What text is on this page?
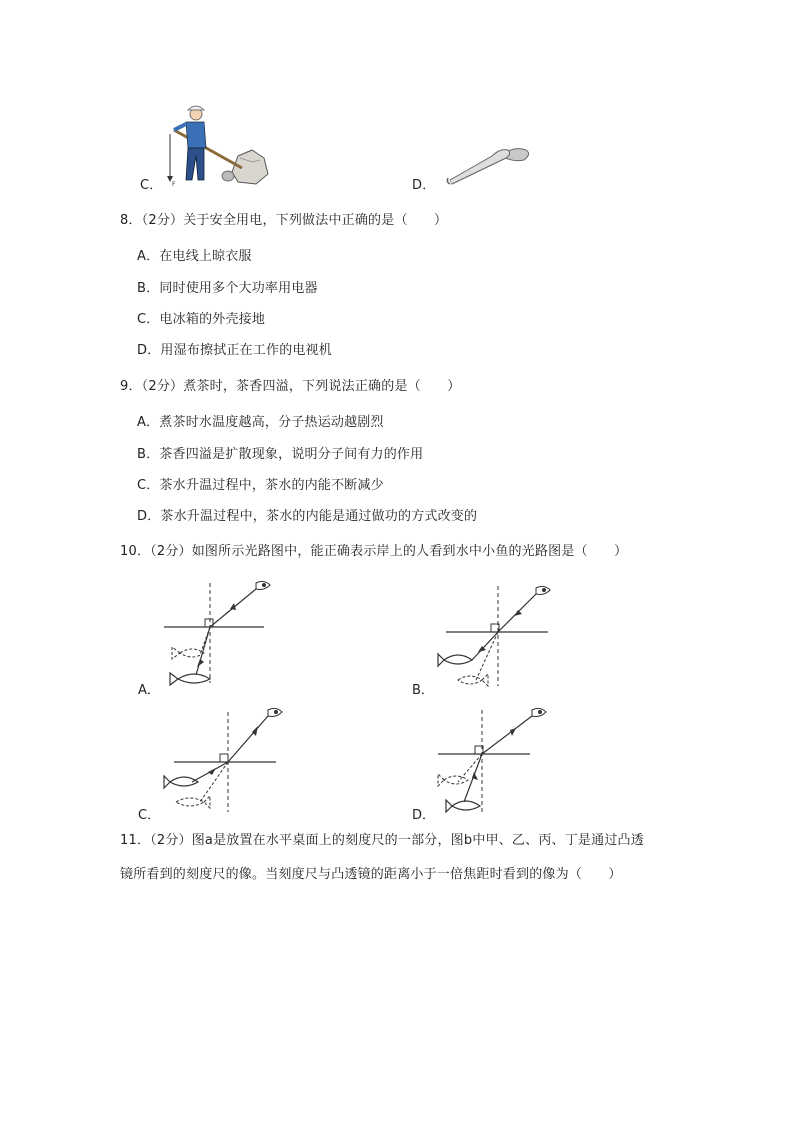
F
C．	D．
8．（2分）关于安全用电，下列做法中正确的是（　　）
A．在电线上晾衣服
B．同时使用多个大功率用电器
C．电冰箱的外壳接地
D．用湿布擦拭正在工作的电视机
9．（2分）煮茶时，茶香四溢，下列说法正确的是（　　）
A．煮茶时水温度越高，分子热运动越剧烈
B．茶香四溢是扩散现象，说明分子间有力的作用
C．茶水升温过程中，茶水的内能不断减少
D．茶水升温过程中，茶水的内能是通过做功的方式改变的
10．（2分）如图所示光路图中，能正确表示岸上的人看到水中小鱼的光路图是（　　）
A．	B．
C．	D．
11．（2分）图a是放置在水平桌面上的刻度尺的一部分，图b中甲、乙、丙、丁是通过凸透
镜所看到的刻度尺的像。当刻度尺与凸透镜的距离小于一倍焦距时看到的像为（　　）
